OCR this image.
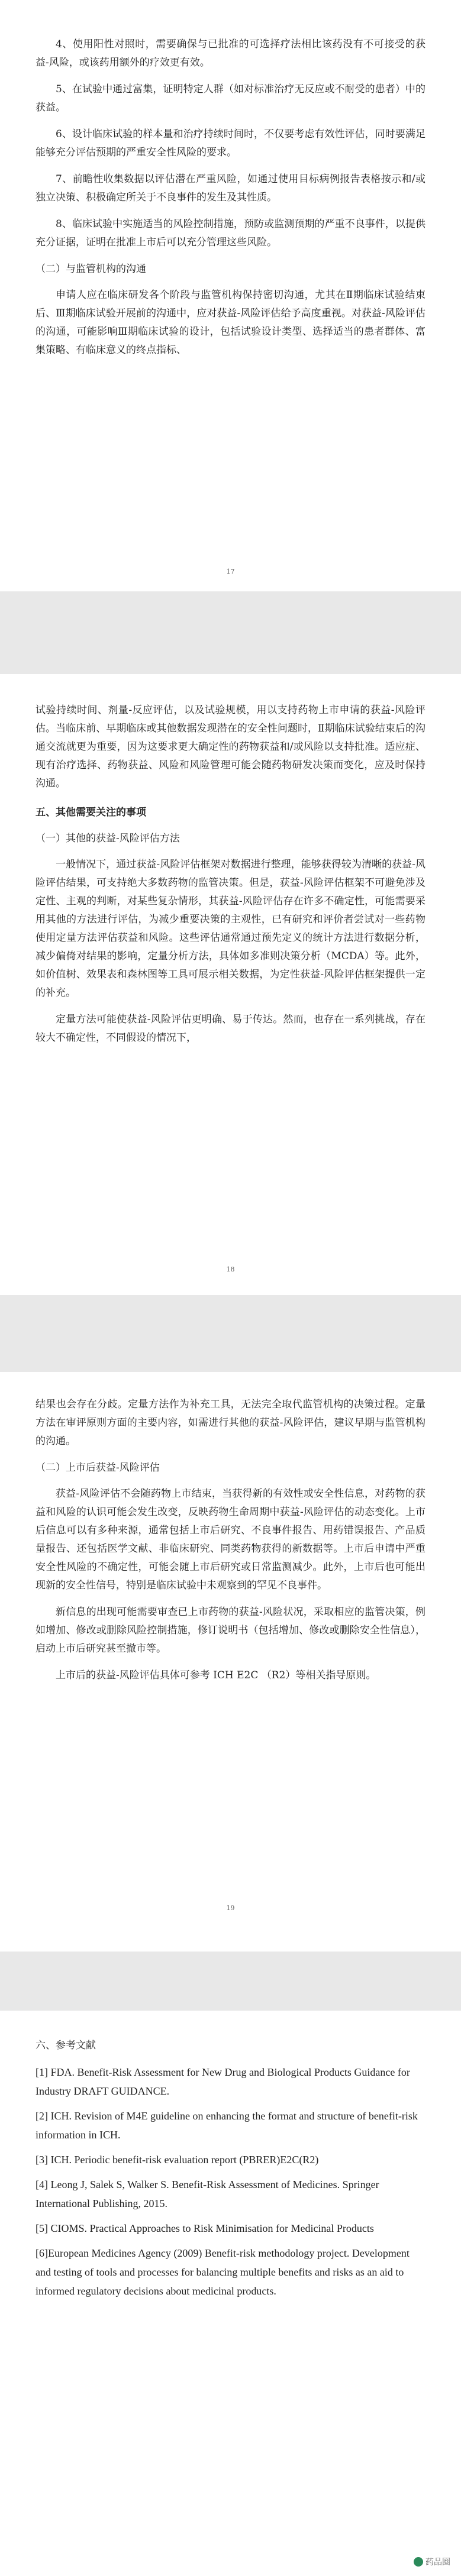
4、使用阳性对照时，需要确保与已批准的可选择疗法相比该药没有不可接受的获益-风险，或该药用额外的疗效更有效。

5、在试验中通过富集，证明特定人群（如对标准治疗无反应或不耐受的患者）中的获益。

6、设计临床试验的样本量和治疗持续时间时，不仅要考虑有效性评估，同时要满足能够充分评估预期的严重安全性风险的要求。

7、前瞻性收集数据以评估潜在严重风险，如通过使用目标病例报告表格按示和/或独立决策、积极确定所关于不良事件的发生及其性质。

8、临床试验中实施适当的风险控制措施，预防或监测预期的严重不良事件，以提供充分证据，证明在批准上市后可以充分管理这些风险。

（二）与监管机构的沟通

申请人应在临床研发各个阶段与监管机构保持密切沟通，尤其在Ⅱ期临床试验结束后、Ⅲ期临床试验开展前的沟通中，应对获益-风险评估给予高度重视。对获益-风险评估的沟通，可能影响Ⅲ期临床试验的设计，包括试验设计类型、选择适当的患者群体、富集策略、有临床意义的终点指标、

17

试验持续时间、剂量-反应评估，以及试验规模，用以支持药物上市申请的获益-风险评估。当临床前、早期临床或其他数据发现潜在的安全性问题时，Ⅱ期临床试验结束后的沟通交流就更为重要，因为这要求更大确定性的药物获益和/或风险以支持批准。适应症、现有治疗选择、药物获益、风险和风险管理可能会随药物研发决策而变化，应及时保持沟通。

五、其他需要关注的事项
（一）其他的获益-风险评估方法

一般情况下，通过获益-风险评估框架对数据进行整理，能够获得较为清晰的获益-风险评估结果，可支持绝大多数药物的监管决策。但是，获益-风险评估框架不可避免涉及定性、主观的判断，对某些复杂情形，其获益-风险评估存在许多不确定性，可能需要采用其他的方法进行评估，为减少重要决策的主观性，已有研究和评价者尝试对一些药物使用定量方法评估获益和风险。这些评估通常通过预先定义的统计方法进行数据分析，减少偏倚对结果的影响，定量分析方法，具体如多准则决策分析（MCDA）等。此外，如价值树、效果表和森林图等工具可展示相关数据，为定性获益-风险评估框架提供一定的补充。

定量方法可能使获益-风险评估更明确、易于传达。然而，也存在一系列挑战，存在较大不确定性，不同假设的情况下，

18

结果也会存在分歧。定量方法作为补充工具，无法完全取代监管机构的决策过程。定量方法在审评原则方面的主要内容，如需进行其他的获益-风险评估，建议早期与监管机构的沟通。

（二）上市后获益-风险评估

获益-风险评估不会随药物上市结束，当获得新的有效性或安全性信息，对药物的获益和风险的认识可能会发生改变，反映药物生命周期中获益-风险评估的动态变化。上市后信息可以有多种来源，通常包括上市后研究、不良事件报告、用药错误报告、产品质量报告、还包括医学文献、非临床研究、同类药物获得的新数据等。上市后申请中严重安全性风险的不确定性，可能会随上市后研究或日常监测减少。此外，上市后也可能出现新的安全性信号，特别是临床试验中未观察到的罕见不良事件。

新信息的出现可能需要审查已上市药物的获益-风险状况，采取相应的监管决策，例如增加、修改或删除风险控制措施，修订说明书（包括增加、修改或删除安全性信息），启动上市后研究甚至撤市等。

上市后的获益-风险评估具体可参考 ICH E2C （R2）等相关指导原则。

19
六、参考文献

[1] FDA. Benefit-Risk Assessment for New Drug and Biological Products Guidance for Industry DRAFT GUIDANCE.

[2] ICH. Revision of M4E guideline on enhancing the format and structure of benefit-risk information in ICH.

[3] ICH. Periodic benefit-risk evaluation report (PBRER)E2C(R2)

[4] Leong J, Salek S, Walker S. Benefit-Risk Assessment of Medicines. Springer International Publishing, 2015.

[5] CIOMS. Practical Approaches to Risk Minimisation for Medicinal Products

[6]European Medicines Agency (2009) Benefit-risk methodology project. Development and testing of tools and processes for balancing multiple benefits and risks as an aid to informed regulatory decisions about medicinal products.

药品圈
